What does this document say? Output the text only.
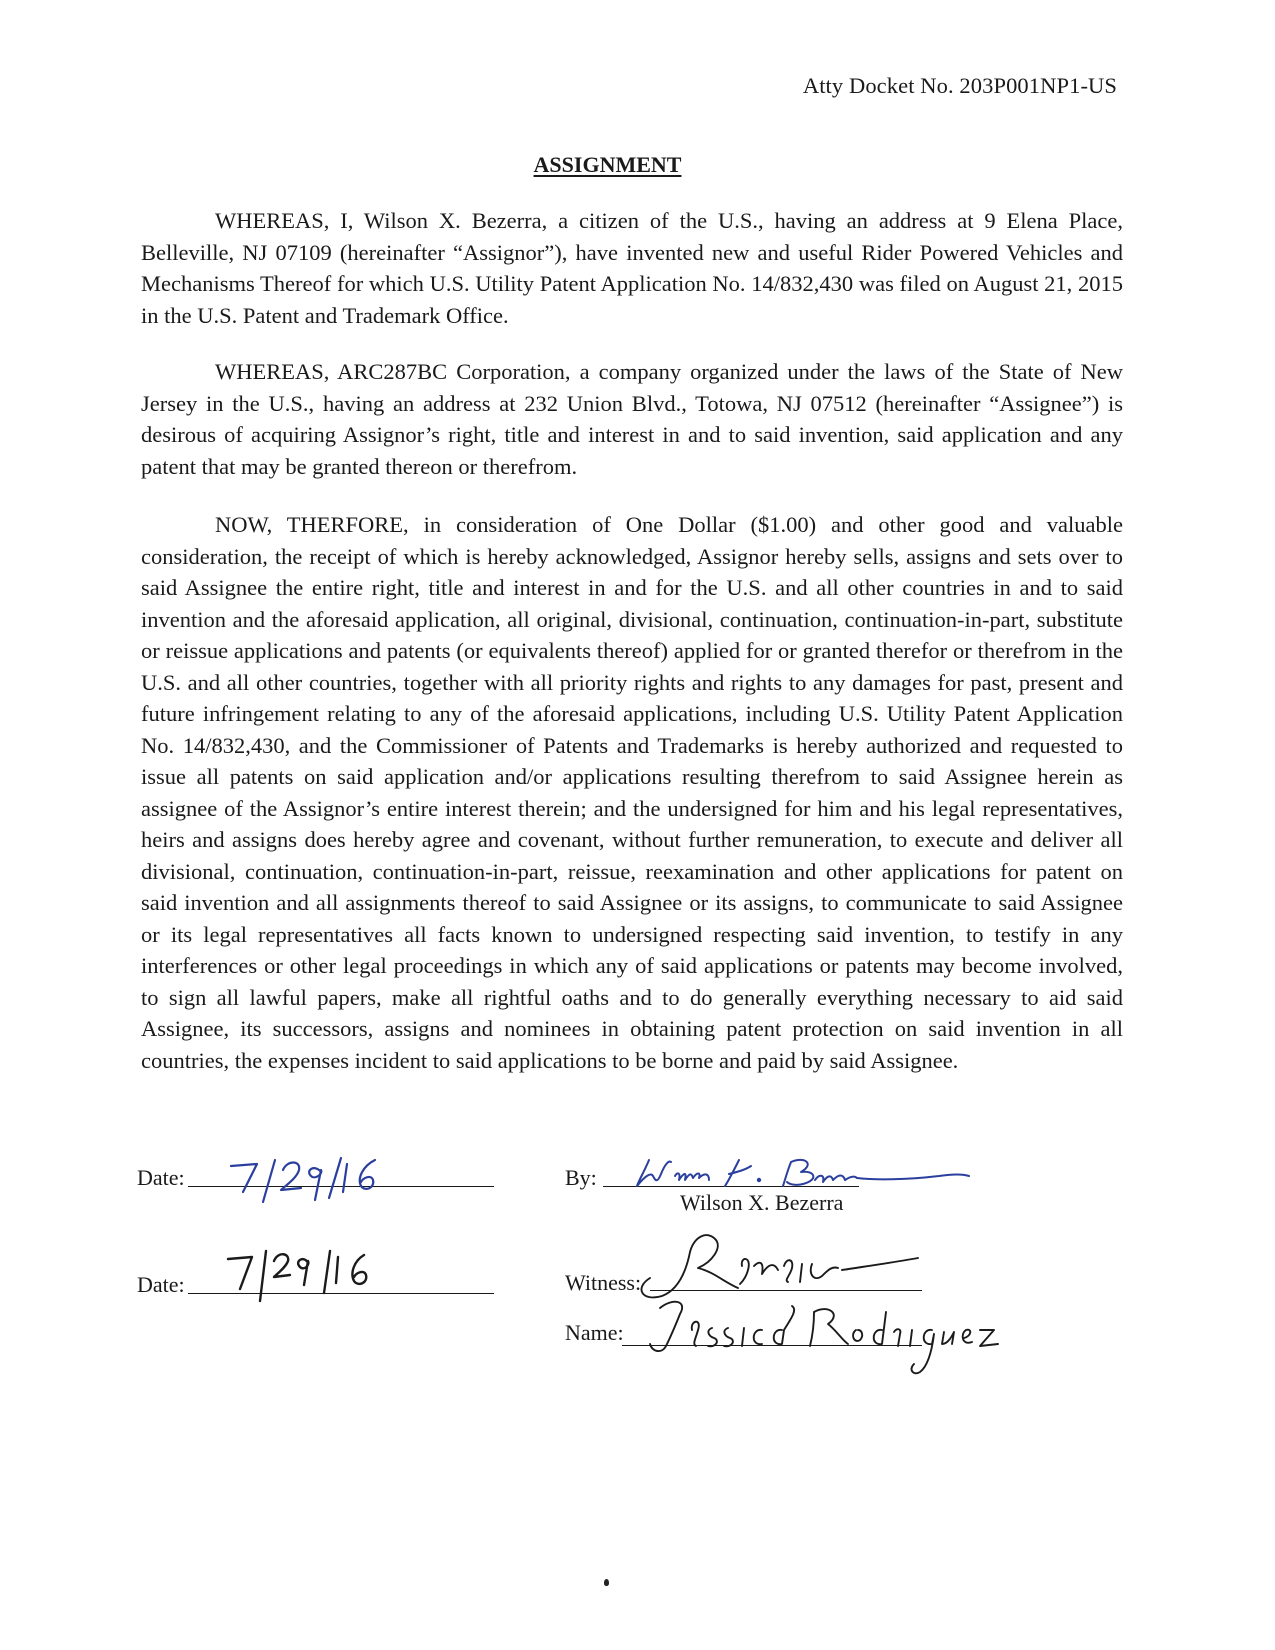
Atty Docket No. 203P001NP1-US
ASSIGNMENT

WHEREAS, I, Wilson X. Bezerra, a citizen of the U.S., having an address at 9 Elena Place, Belleville, NJ 07109 (hereinafter “Assignor”), have invented new and useful Rider Powered Vehicles and Mechanisms Thereof for which U.S. Utility Patent Application No. 14/832,430 was filed on August 21, 2015 in the U.S. Patent and Trademark Office.

WHEREAS, ARC287BC Corporation, a company organized under the laws of the State of New Jersey in the U.S., having an address at 232 Union Blvd., Totowa, NJ 07512 (hereinafter “Assignee”) is desirous of acquiring Assignor’s right, title and interest in and to said invention, said application and any patent that may be granted thereon or therefrom.

NOW, THERFORE, in consideration of One Dollar ($1.00) and other good and valuable consideration, the receipt of which is hereby acknowledged, Assignor hereby sells, assigns and sets over to said Assignee the entire right, title and interest in and for the U.S. and all other countries in and to said invention and the aforesaid application, all original, divisional, continuation, continuation-in-part, substitute or reissue applications and patents (or equivalents thereof) applied for or granted therefor or therefrom in the U.S. and all other countries, together with all priority rights and rights to any damages for past, present and future infringement relating to any of the aforesaid applications, including U.S. Utility Patent Application No. 14/832,430, and the Commissioner of Patents and Trademarks is hereby authorized and requested to issue all patents on said application and/or applications resulting therefrom to said Assignee herein as assignee of the Assignor’s entire interest therein; and the undersigned for him and his legal representatives, heirs and assigns does hereby agree and covenant, without further remuneration, to execute and deliver all divisional, continuation, continuation-in-part, reissue, reexamination and other applications for patent on said invention and all assignments thereof to said Assignee or its assigns, to communicate to said Assignee or its legal representatives all facts known to undersigned respecting said invention, to testify in any interferences or other legal proceedings in which any of said applications or patents may become involved, to sign all lawful papers, make all rightful oaths and to do generally everything necessary to aid said Assignee, its successors, assigns and nominees in obtaining patent protection on said invention in all countries, the expenses incident to said applications to be borne and paid by said Assignee.

Date:
Date:
By:
Wilson X. Bezerra
Witness:
Name:
